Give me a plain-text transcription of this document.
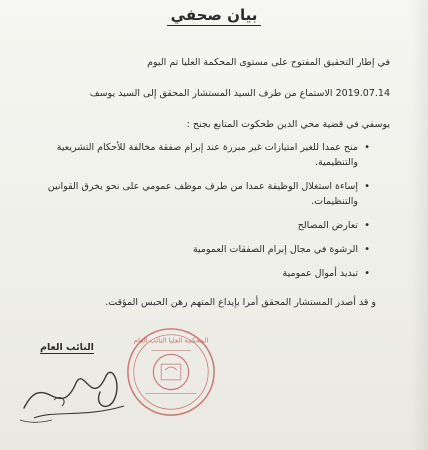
بيان صحفي
في إطار التحقيق المفتوح على مستوى المحكمة العليا تم اليوم
2019.07.14 الاستماع من طرف السيد المستشار المحقق إلى السيد يوسف
يوسفي في قضية محي الدين طحكوت المتابع بجنح :
• منح عمدا للغير امتيازات غير مبررة عند إبرام صفقة مخالفة للأحكام التشريعية والتنظيمية.
• إساءة استغلال الوظيفة عمدا من طرف موظف عمومي على نحو يخرق القوانين والتنظيمات.
• تعارض المصالح
• الرشوة في مجال إبرام الصفقات العمومية
• تبديد أموال عمومية
و قد أصدر المستشار المحقق أمرا بإيداع المتهم رهن الحبس المؤقت.
النائب العام
المحكمة العليا النائب العام
